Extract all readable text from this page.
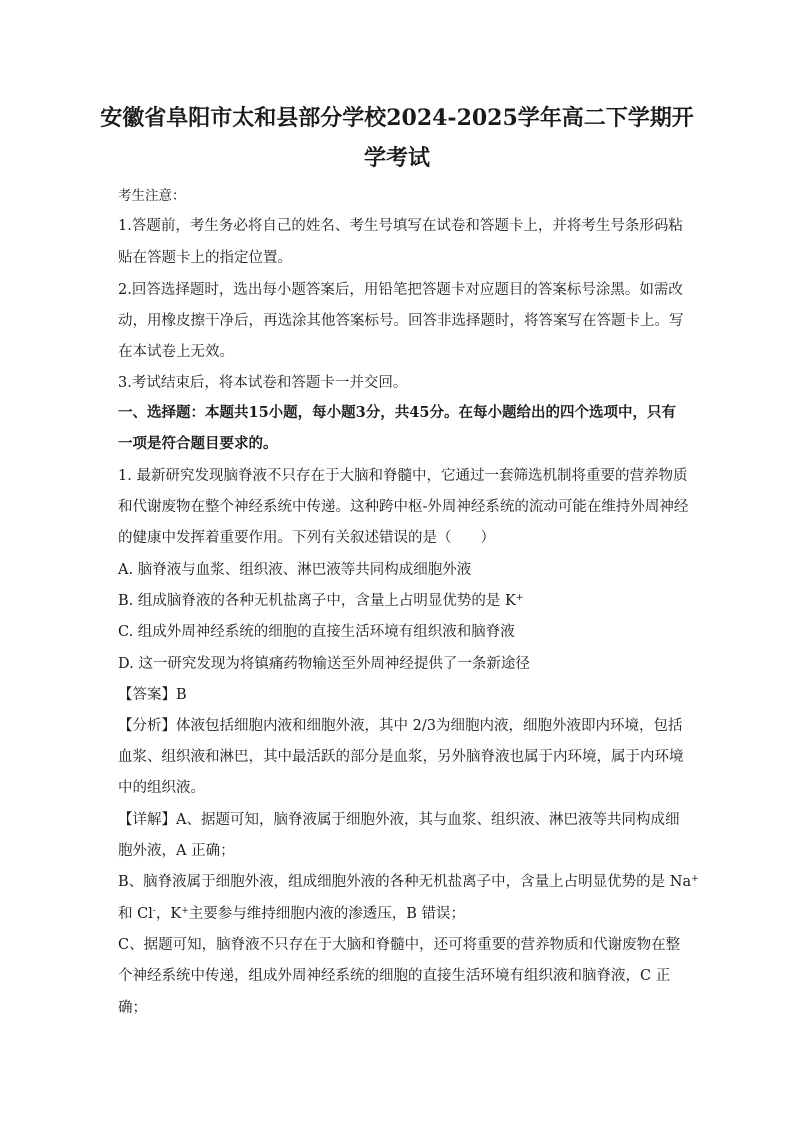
安徽省阜阳市太和县部分学校2024-2025学年高二下学期开
学考试
考生注意：
1.答题前，考生务必将自己的姓名、考生号填写在试卷和答题卡上，并将考生号条形码粘
贴在答题卡上的指定位置。
2.回答选择题时，选出每小题答案后，用铅笔把答题卡对应题目的答案标号涂黑。如需改
动，用橡皮擦干净后，再选涂其他答案标号。回答非选择题时，将答案写在答题卡上。写
在本试卷上无效。
3.考试结束后，将本试卷和答题卡一并交回。
一、选择题：本题共15小题，每小题3分，共45分。在每小题给出的四个选项中，只有
一项是符合题目要求的。
1. 最新研究发现脑脊液不只存在于大脑和脊髓中，它通过一套筛选机制将重要的营养物质
和代谢废物在整个神经系统中传递。这种跨中枢-外周神经系统的流动可能在维持外周神经
的健康中发挥着重要作用。下列有关叙述错误的是（　　）
A. 脑脊液与血浆、组织液、淋巴液等共同构成细胞外液
B. 组成脑脊液的各种无机盐离子中，含量上占明显优势的是 K+
C. 组成外周神经系统的细胞的直接生活环境有组织液和脑脊液
D. 这一研究发现为将镇痛药物输送至外周神经提供了一条新途径
【答案】B
【分析】体液包括细胞内液和细胞外液，其中 2/3为细胞内液，细胞外液即内环境，包括
血浆、组织液和淋巴，其中最活跃的部分是血浆，另外脑脊液也属于内环境，属于内环境
中的组织液。
【详解】A、据题可知，脑脊液属于细胞外液，其与血浆、组织液、淋巴液等共同构成细
胞外液，A 正确；
B、脑脊液属于细胞外液，组成细胞外液的各种无机盐离子中，含量上占明显优势的是 Na+
和 Cl-，K+主要参与维持细胞内液的渗透压，B 错误；
C、据题可知，脑脊液不只存在于大脑和脊髓中，还可将重要的营养物质和代谢废物在整
个神经系统中传递，组成外周神经系统的细胞的直接生活环境有组织液和脑脊液，C 正
确；
